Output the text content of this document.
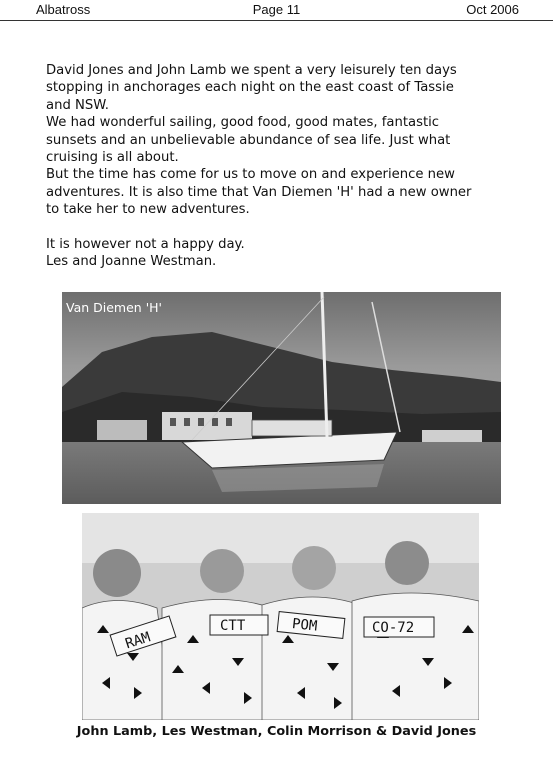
Albatross	Page 11	Oct 2006

David Jones and John Lamb we spent a very leisurely ten days

stopping in anchorages each night on the east coast of Tassie

and NSW.

We had wonderful sailing, good food, good mates, fantastic

sunsets and an unbelievable abundance of sea life. Just what

cruising is all about.

But the time has come for us to move on and experience new

adventures. It is also time that Van Diemen 'H' had a new owner

to take her to new adventures.

It is however not a happy day.

Les and Joanne Westman.

Van Diemen 'H'
RAM
CTT	POM	CO-72
John Lamb, Les Westman, Colin Morrison & David Jones
